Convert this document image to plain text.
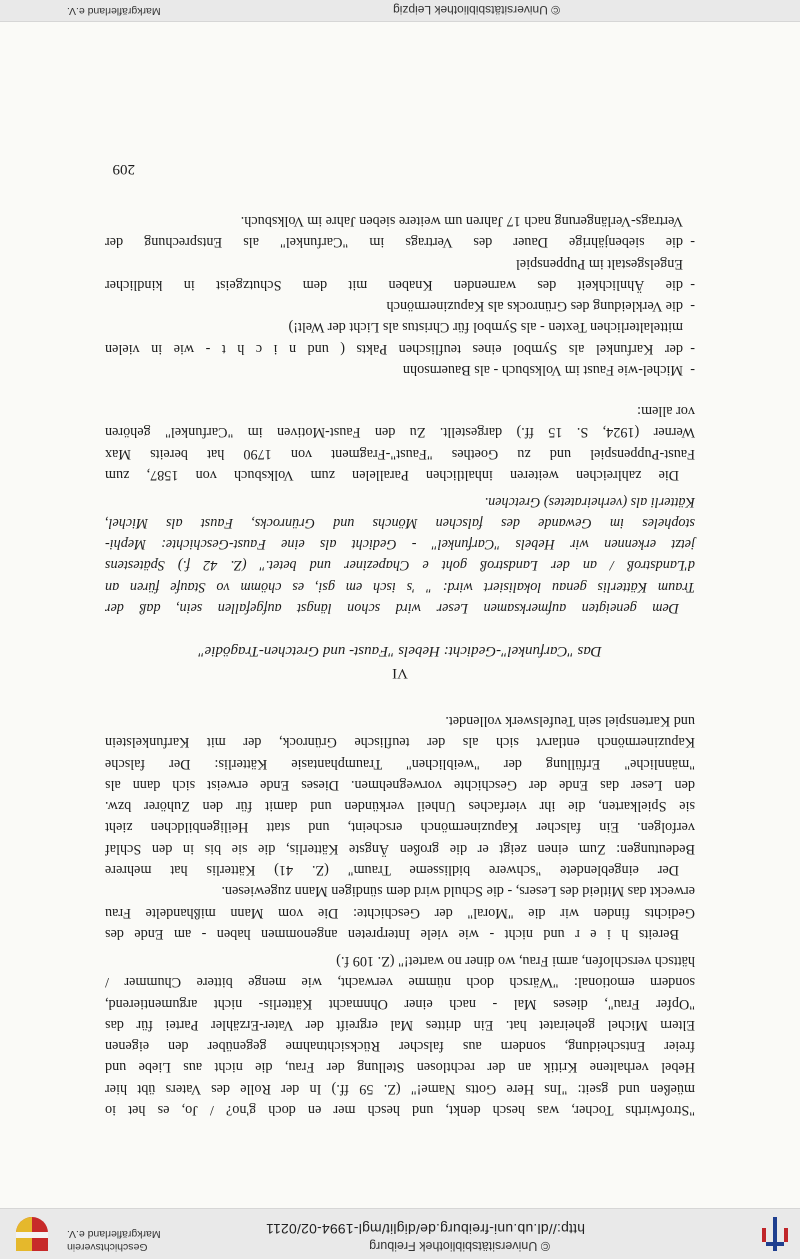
© Universitätsbibliothek Freiburg
http://dl.ub.uni-freiburg.de/diglit/mgl-1994-02/0211
Geschichtsverein Markgräflerland e.V.
© Universitätsbibliothek Leipzig
Markgräflerland e.V.
209
Dem geneigten aufmerksamen Leser wird schon längst aufgefallen sein, daß der
Traum Kätterlis genau lokalisiert wird: " 's isch em gsi, es chömm vo Staufe füren an
d'Landstroß / an der Landstroß goht e Chapeziner und betet." (Z. 42 f.) Spätestens
jetzt erkennen wir Hebels "Carfunkel" - Gedicht als eine Faust-Geschichte: Mephi-
stopheles im Gewande des falschen Mönchs und Grünrocks, Faust als Michel,
Kätterli als (verheiratetes) Gretchen.
Die zahlreichen weiteren inhaltlichen Parallelen zum Volksbuch von 1587, zum
Faust-Puppenspiel und zu Goethes "Faust"-Fragment von 1790 hat bereits Max
Werner (1924, S. 15 ff.) dargestellt. Zu den Faust-Motiven im "Carfunkel" gehören
vor allem:
-Michel-wie Faust im Volksbuch - als Bauernsohn
-der Karfunkel als Symbol eines teuflischen Pakts ( und n i c h t - wie in vielen
mittelalterlichen Texten - als Symbol für Christus als Licht der Welt!)
-die Verkleidung des Grünrocks als Kapuzinermönch
-die Ähnlichkeit des warnenden Knaben mit dem Schutzgeist in kindlicher
Engelsgestalt im Puppenspiel
-die siebenjährige Dauer des Vertrags im "Carfunkel" als Entsprechung der
Vertrags-Verlängerung nach 17 Jahren um weitere sieben Jahre im Volksbuch.
VI
Das "Carfunkel"-Gedicht: Hebels "Faust- und Gretchen-Tragödie"
Der eingeblendete "schwere bidlisseme Traum" (Z. 41) Kätterlis hat mehrere
Bedeutungen: Zum einen zeigt er die großen Ängste Kätterlis, die sie bis in den Schlaf
verfolgen. Ein falscher Kapuzinermönch erscheint, und statt Heiligenbildchen zieht
sie Spielkarten, die ihr vierfaches Unheil verkünden und damit für den Zuhörer bzw.
den Leser das Ende der Geschichte vorwegnehmen. Dieses Ende erweist sich dann als
"männliche" Erfüllung der "weiblichen" Traumphantasie Kätterlis: Der falsche
Kapuzinermönch entlarvt sich als der teuflische Grünrock, der mit Karfunkelstein
und Kartenspiel sein Teufelswerk vollendet.
Bereits h i e r und nicht - wie viele Interpreten angenommen haben - am Ende des
Gedichts finden wir die "Moral" der Geschichte: Die vom Mann mißhandelte Frau
erweckt das Mitleid des Lesers, - die Schuld wird dem sündigen Mann zugewiesen.
"Strofwirths Tocher, was hesch denkt, und hesch mer en doch g'no? / Jo, es het io
müeßen und gseit: "Ins Here Gotts Name!" (Z. 59 ff.) In der Rolle des Vaters übt hier
Hebel verhaltene Kritik an der rechtlosen Stellung der Frau, die nicht aus Liebe und
freier Entscheidung, sondern aus falscher Rücksichtnahme gegenüber den eigenen
Eltern Michel geheiratet hat. Ein drittes Mal ergreift der Vater-Erzähler Partei für das
"Opfer Frau", dieses Mal - nach einer Ohnmacht Kätterlis- nicht argumentierend,
sondern emotional: "Wärsch doch nümme verwacht, wie menge bittere Chummer /
hättsch verschlofen, armi Frau, wo diner no wartet!" (Z. 109 f.)
